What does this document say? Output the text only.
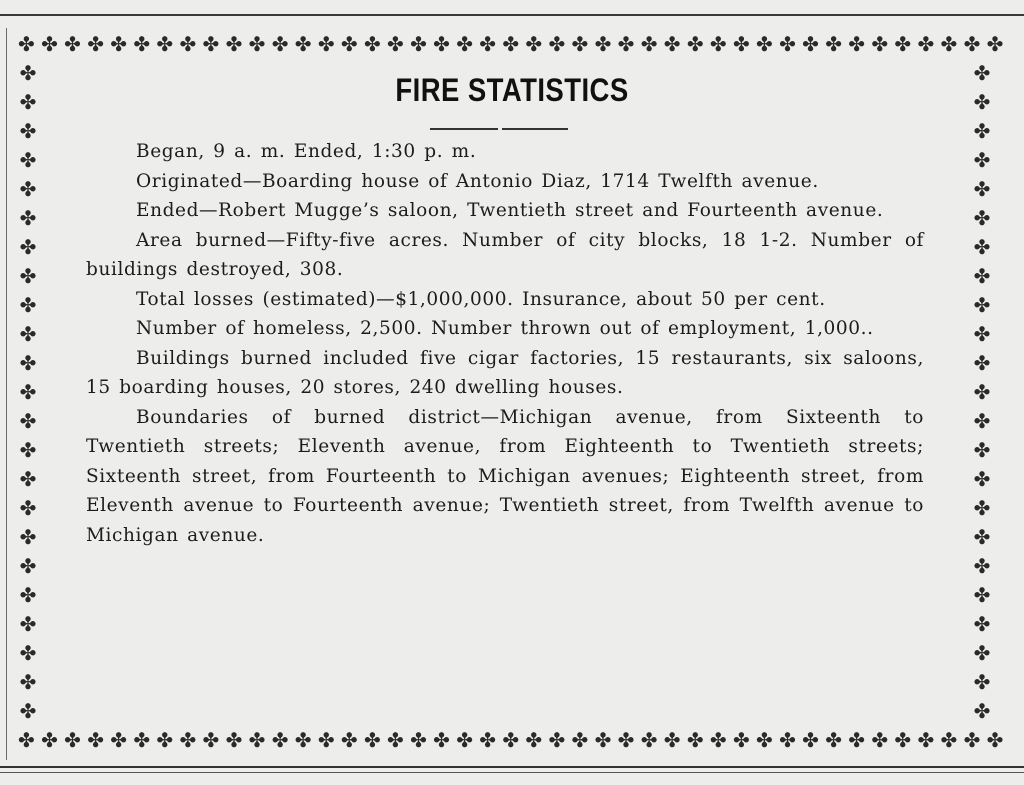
✤ ✤ ✤ ✤ ✤ ✤ ✤ ✤ ✤ ✤ ✤ ✤ ✤ ✤ ✤ ✤ ✤ ✤ ✤ ✤ ✤ ✤ ✤ ✤ ✤ ✤ ✤ ✤ ✤ ✤ ✤ ✤ ✤ ✤ ✤ ✤ ✤ ✤ ✤ ✤ ✤ ✤ ✤
✤
✤
✤
✤
✤
✤
✤
✤
✤
✤
✤
✤
✤
✤
✤
✤
✤
✤
✤
✤
✤
✤
✤
✤
✤
✤
✤
✤
✤
✤
✤
✤
✤
✤
✤
✤
✤
✤
✤
✤
✤
✤
✤
✤
✤
✤
✤ ✤ ✤ ✤ ✤ ✤ ✤ ✤ ✤ ✤ ✤ ✤ ✤ ✤ ✤ ✤ ✤ ✤ ✤ ✤ ✤ ✤ ✤ ✤ ✤ ✤ ✤ ✤ ✤ ✤ ✤ ✤ ✤ ✤ ✤ ✤ ✤ ✤ ✤ ✤ ✤ ✤ ✤
FIRE STATISTICS

Began, 9 a. m. Ended, 1:30 p. m.

Originated—Boarding house of Antonio Diaz, 1714 Twelfth avenue.

Ended—Robert Mugge’s saloon, Twentieth street and Fourteenth avenue.

Area burned—Fifty-five acres. Number of city blocks, 18 1-2. Number of buildings destroyed, 308.

Total losses (estimated)—$1,000,000. Insurance, about 50 per cent.

Number of homeless, 2,500. Number thrown out of employment, 1,000..

Buildings burned included five cigar factories, 15 restaurants, six saloons, 15 boarding houses, 20 stores, 240 dwelling houses.

Boundaries of burned district—Michigan avenue, from Sixteenth to Twentieth streets; Eleventh avenue, from Eighteenth to Twentieth streets; Sixteenth street, from Fourteenth to Michigan avenues; Eighteenth street, from Eleventh avenue to Fourteenth avenue; Twentieth street, from Twelfth avenue to Michigan avenue.
